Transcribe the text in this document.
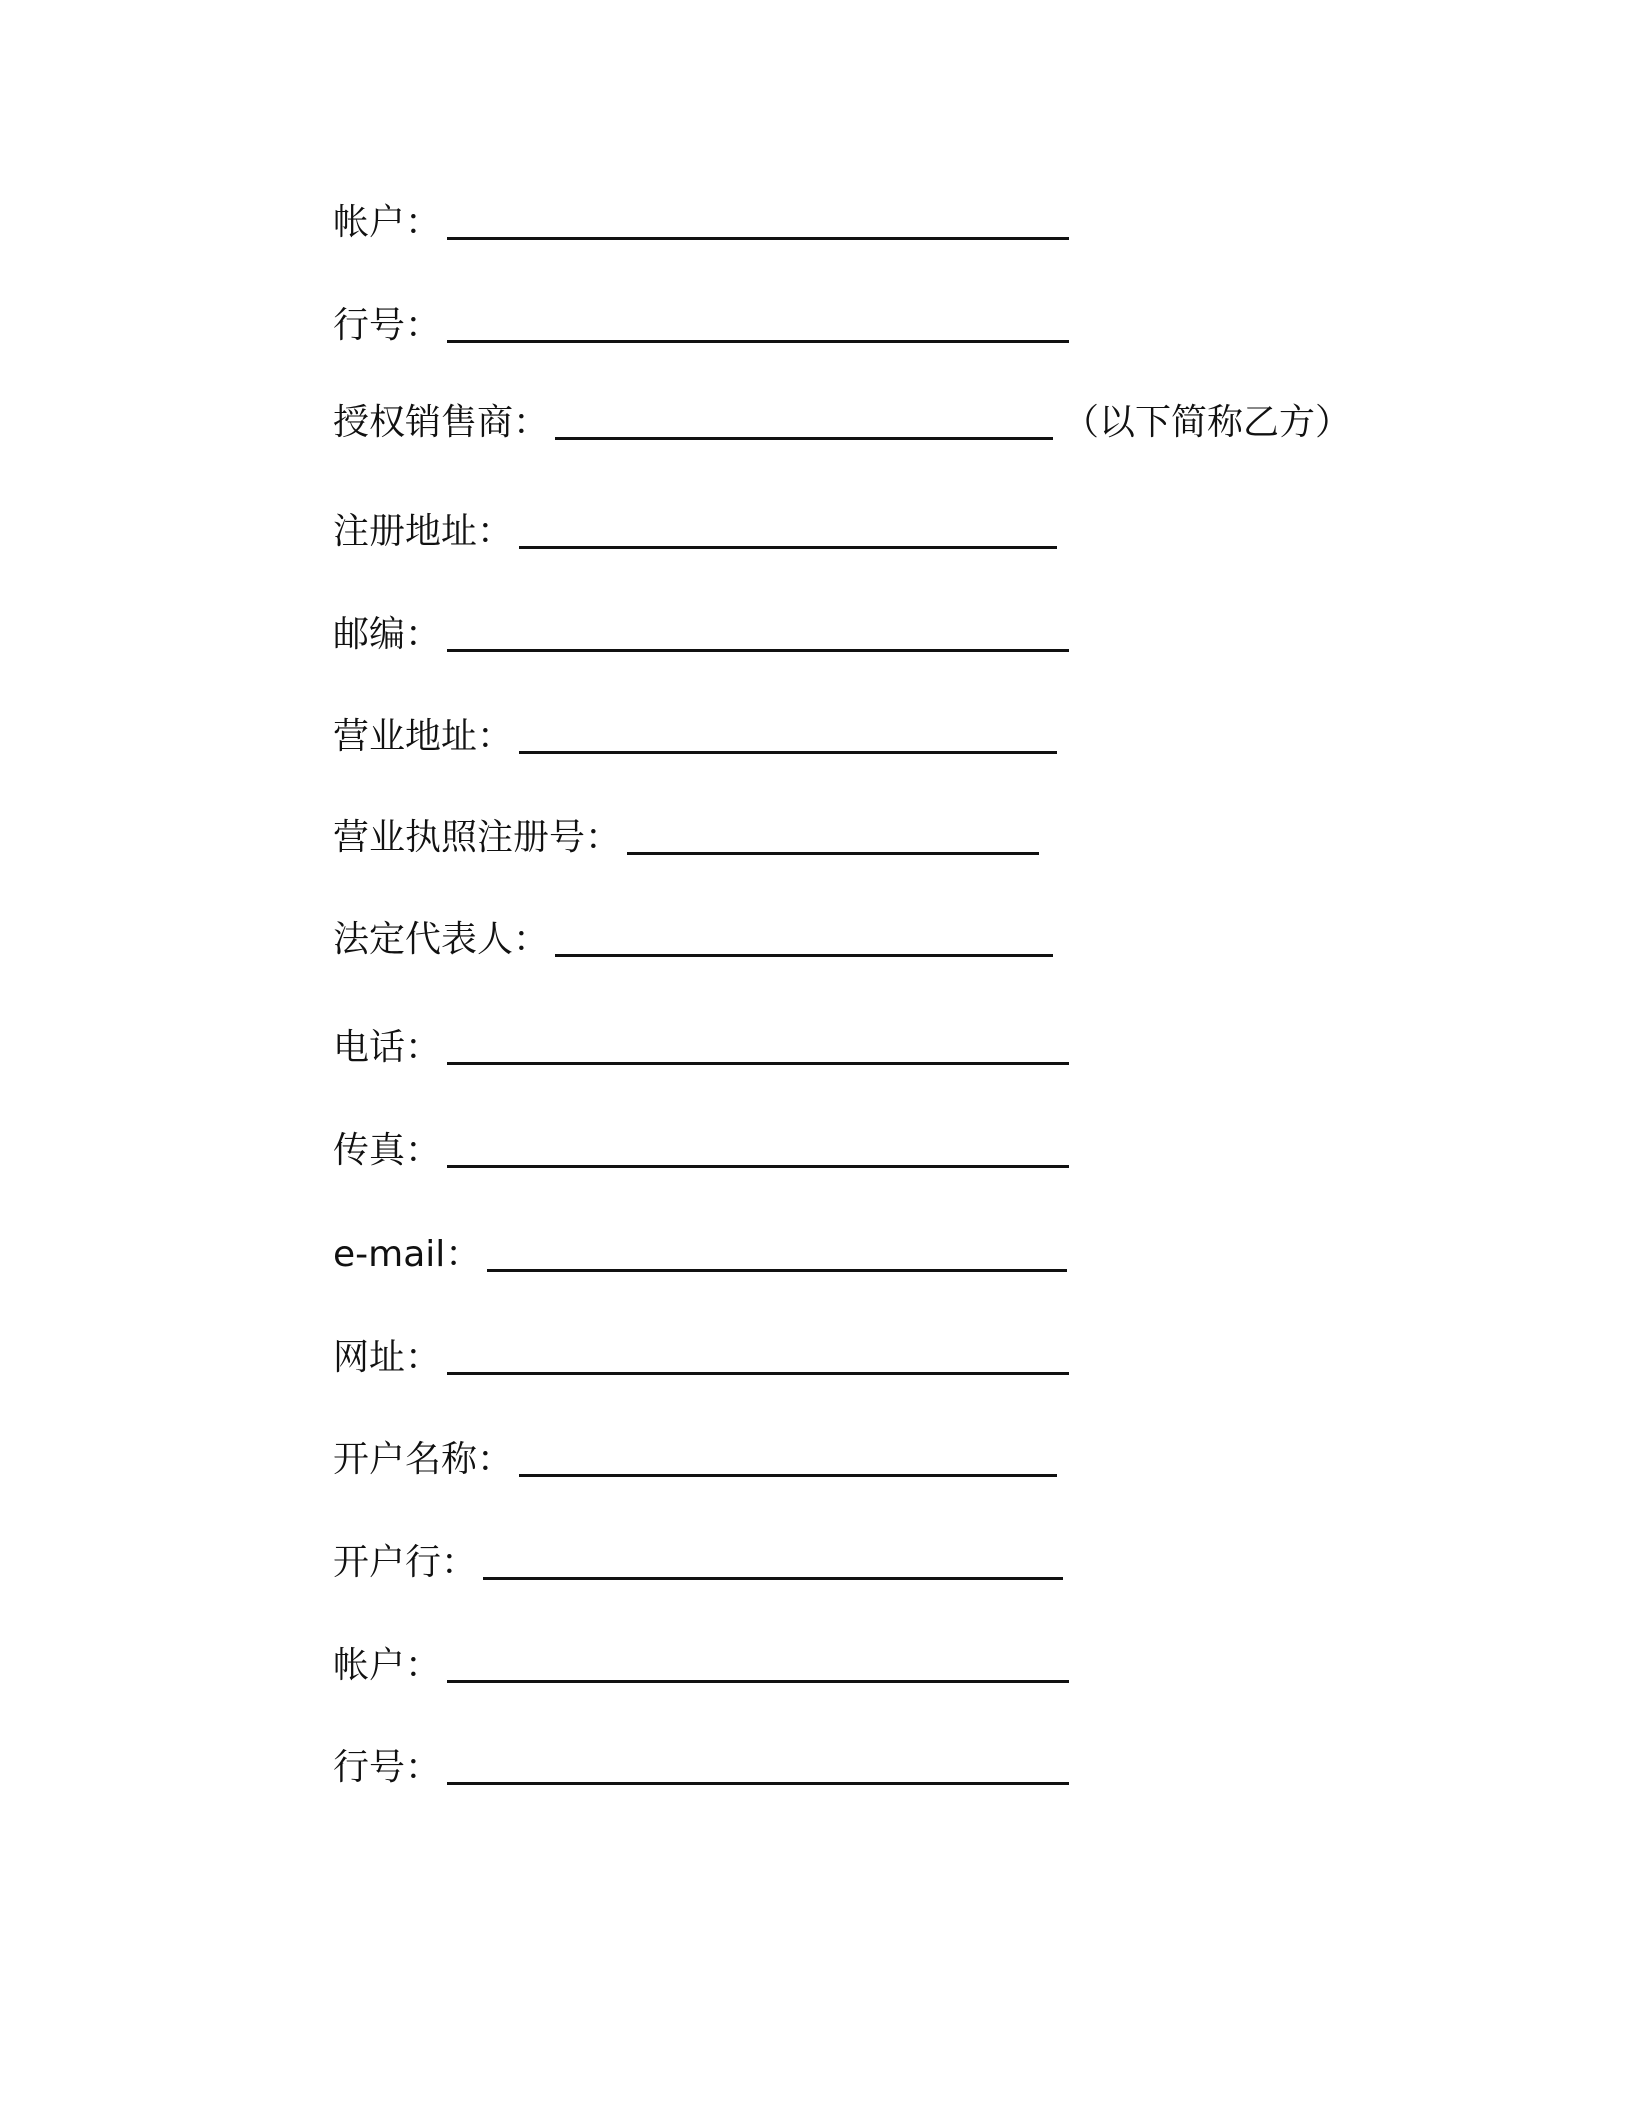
帐户：
行号：
授权销售商：	（以下简称乙方）
注册地址：
邮编：
营业地址：
营业执照注册号：
法定代表人：
电话：
传真：
e-mail：
网址：
开户名称：
开户行：
帐户：
行号：
